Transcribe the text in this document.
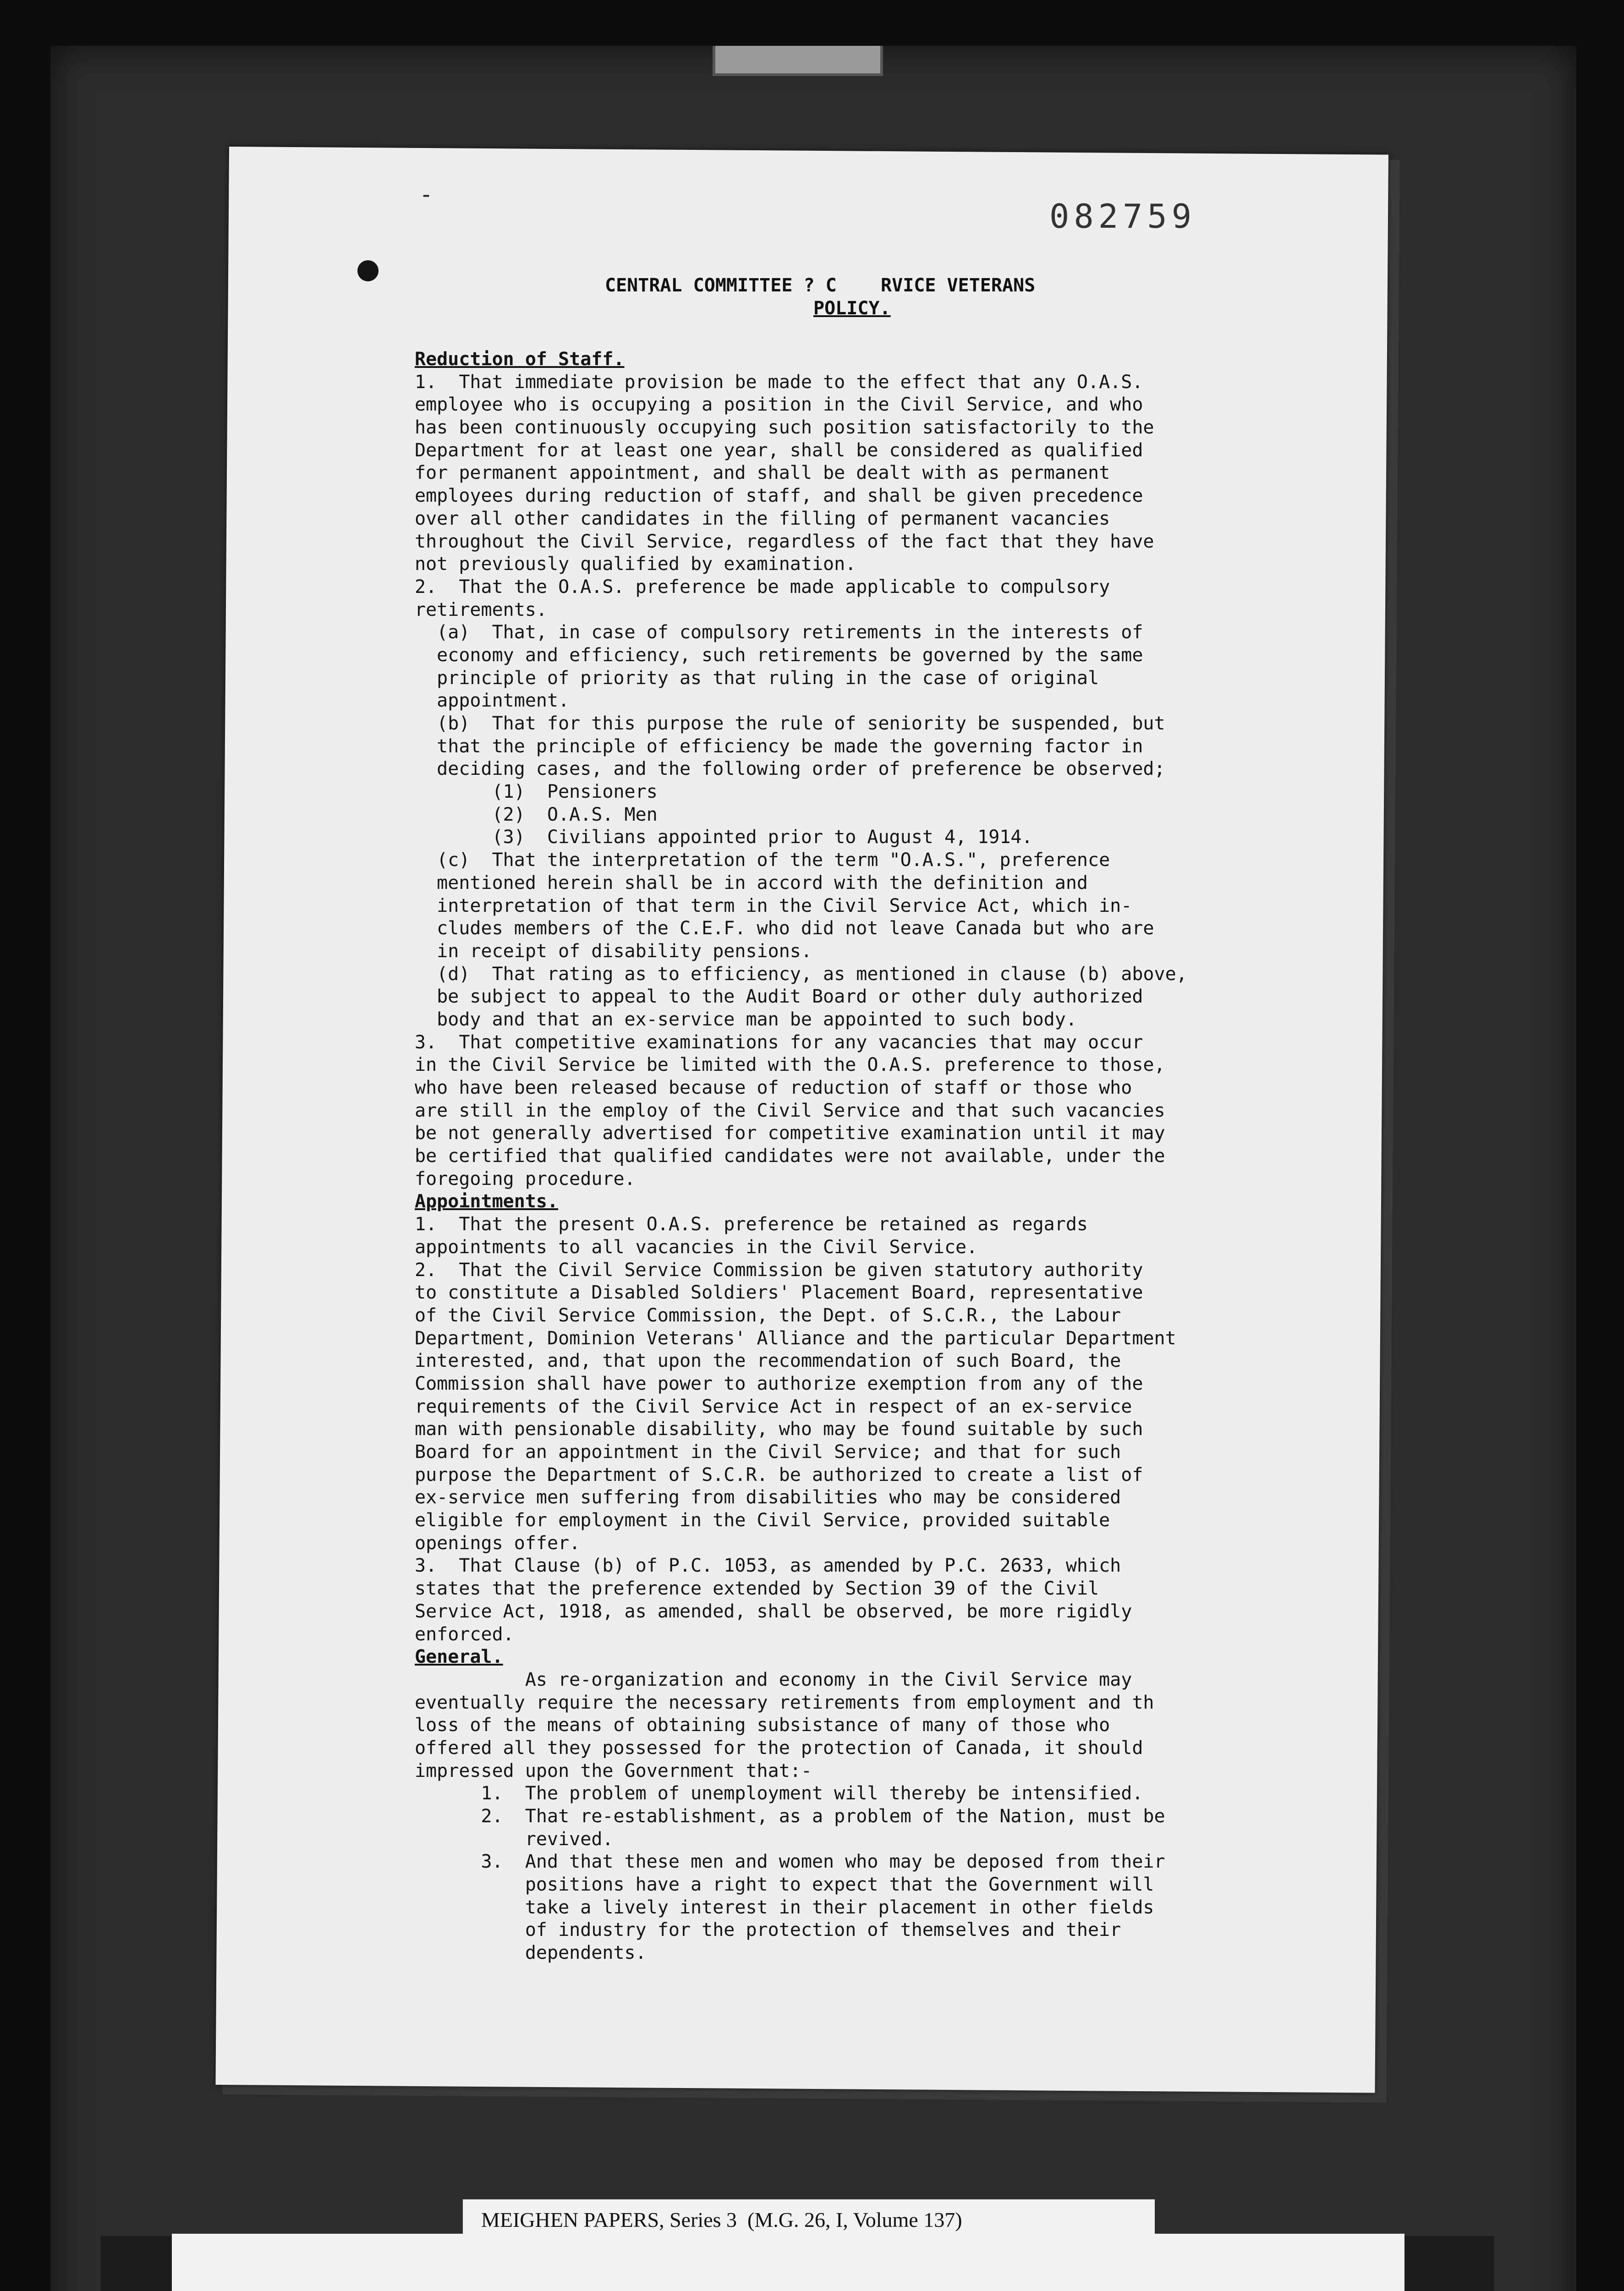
-
082759
CENTRAL COMMITTEE ? C    RVICE VETERANS
POLICY.
Reduction of Staff.
1.  That immediate provision be made to the effect that any O.A.S.
employee who is occupying a position in the Civil Service, and who
has been continuously occupying such position satisfactorily to the
Department for at least one year, shall be considered as qualified
for permanent appointment, and shall be dealt with as permanent
employees during reduction of staff, and shall be given precedence
over all other candidates in the filling of permanent vacancies
throughout the Civil Service, regardless of the fact that they have
not previously qualified by examination.
2.  That the O.A.S. preference be made applicable to compulsory
retirements.
(a)  That, in case of compulsory retirements in the interests of
economy and efficiency, such retirements be governed by the same
principle of priority as that ruling in the case of original
appointment.
(b)  That for this purpose the rule of seniority be suspended, but
that the principle of efficiency be made the governing factor in
deciding cases, and the following order of preference be observed;
(1)  Pensioners
(2)  O.A.S. Men
(3)  Civilians appointed prior to August 4, 1914.
(c)  That the interpretation of the term "O.A.S.", preference
mentioned herein shall be in accord with the definition and
interpretation of that term in the Civil Service Act, which in-
cludes members of the C.E.F. who did not leave Canada but who are
in receipt of disability pensions.
(d)  That rating as to efficiency, as mentioned in clause (b) above,
be subject to appeal to the Audit Board or other duly authorized
body and that an ex-service man be appointed to such body.
3.  That competitive examinations for any vacancies that may occur
in the Civil Service be limited with the O.A.S. preference to those,
who have been released because of reduction of staff or those who
are still in the employ of the Civil Service and that such vacancies
be not generally advertised for competitive examination until it may
be certified that qualified candidates were not available, under the
foregoing procedure.
Appointments.
1.  That the present O.A.S. preference be retained as regards
appointments to all vacancies in the Civil Service.
2.  That the Civil Service Commission be given statutory authority
to constitute a Disabled Soldiers' Placement Board, representative
of the Civil Service Commission, the Dept. of S.C.R., the Labour
Department, Dominion Veterans' Alliance and the particular Department
interested, and, that upon the recommendation of such Board, the
Commission shall have power to authorize exemption from any of the
requirements of the Civil Service Act in respect of an ex-service
man with pensionable disability, who may be found suitable by such
Board for an appointment in the Civil Service; and that for such
purpose the Department of S.C.R. be authorized to create a list of
ex-service men suffering from disabilities who may be considered
eligible for employment in the Civil Service, provided suitable
openings offer.
3.  That Clause (b) of P.C. 1053, as amended by P.C. 2633, which
states that the preference extended by Section 39 of the Civil
Service Act, 1918, as amended, shall be observed, be more rigidly
enforced.
General.
As re-organization and economy in the Civil Service may
eventually require the necessary retirements from employment and th
loss of the means of obtaining subsistance of many of those who
offered all they possessed for the protection of Canada, it should
impressed upon the Government that:-
1.  The problem of unemployment will thereby be intensified.
2.  That re-establishment, as a problem of the Nation, must be
revived.
3.  And that these men and women who may be deposed from their
positions have a right to expect that the Government will
take a lively interest in their placement in other fields
of industry for the protection of themselves and their
dependents.
MEIGHEN PAPERS, Series 3  (M.G. 26, I, Volume 137)
